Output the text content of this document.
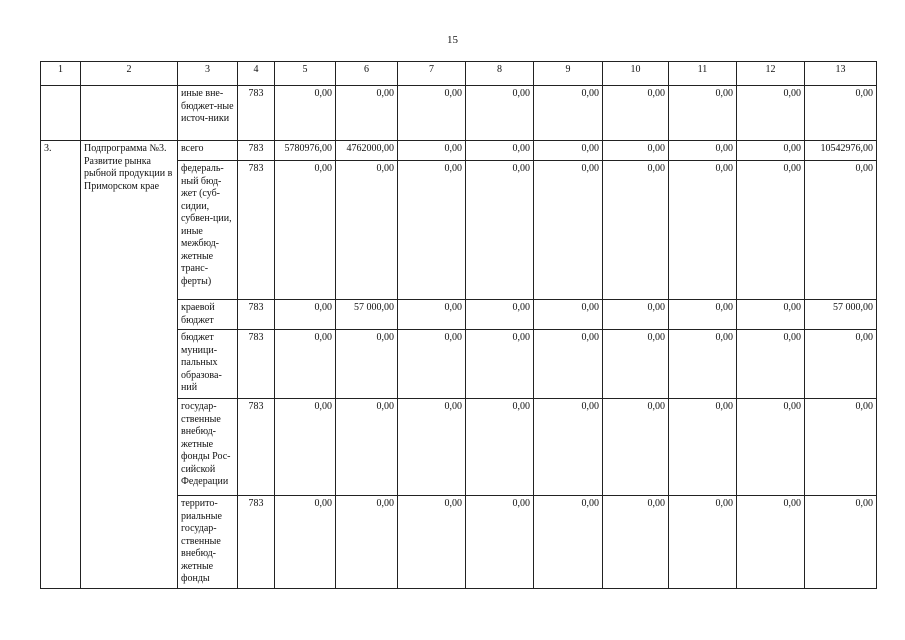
15
1	2	3	4	5	6	7	8	9	10	11	12	13
		иные вне-бюджет-ные источ-ники	783	0,00	0,00	0,00	0,00	0,00	0,00	0,00	0,00	0,00
3.	Подпрограмма №3. Развитие рынка рыбной продукции в Приморском крае	всего	783	5780976,00	4762000,00	0,00	0,00	0,00	0,00	0,00	0,00	10542976,00
		федераль-ный бюд-жет (суб-сидии, субвен-ции, иные межбюд-жетные транс-ферты)	783	0,00	0,00	0,00	0,00	0,00	0,00	0,00	0,00	0,00
		краевой бюджет	783	0,00	57 000,00	0,00	0,00	0,00	0,00	0,00	0,00	57 000,00
		бюджет муници-пальных образова-ний	783	0,00	0,00	0,00	0,00	0,00	0,00	0,00	0,00	0,00
		государ-ственные внебюд-жетные фонды Рос-сийской Федерации	783	0,00	0,00	0,00	0,00	0,00	0,00	0,00	0,00	0,00
		террито-риальные государ-ственные внебюд-жетные фонды	783	0,00	0,00	0,00	0,00	0,00	0,00	0,00	0,00	0,00
